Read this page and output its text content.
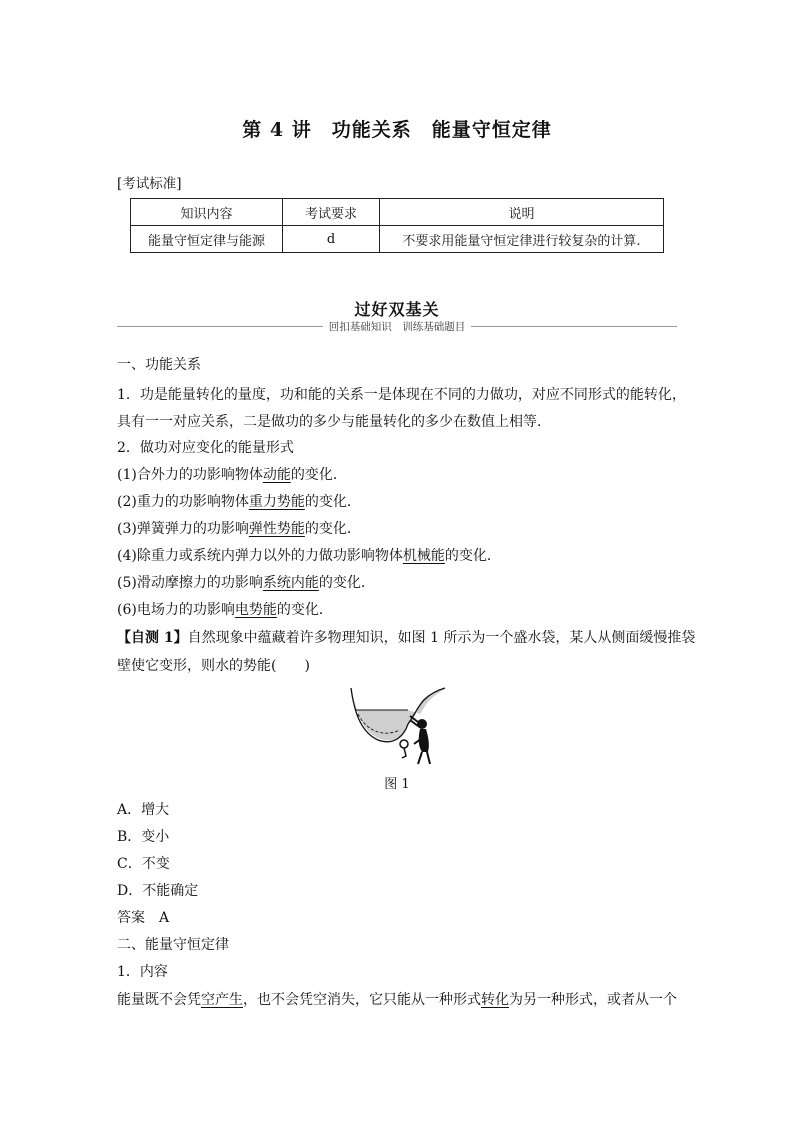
第 4 讲　功能关系　能量守恒定律
[考试标准]
知识内容	考试要求	说明
能量守恒定律与能源	d	不要求用能量守恒定律进行较复杂的计算.
过好双基关
回扣基础知识　训练基础题目
一、功能关系
1．功是能量转化的量度，功和能的关系一是体现在不同的力做功，对应不同形式的能转化，
具有一一对应关系，二是做功的多少与能量转化的多少在数值上相等．
2．做功对应变化的能量形式
(1)合外力的功影响物体动能的变化．
(2)重力的功影响物体重力势能的变化．
(3)弹簧弹力的功影响弹性势能的变化．
(4)除重力或系统内弹力以外的力做功影响物体机械能的变化．
(5)滑动摩擦力的功影响系统内能的变化．
(6)电场力的功影响电势能的变化．
【自测 1】自然现象中蕴藏着许多物理知识，如图 1 所示为一个盛水袋，某人从侧面缓慢推袋
壁使它变形，则水的势能(　　)
图 1
A．增大
B．变小
C．不变
D．不能确定
答案　A
二、能量守恒定律
1．内容
能量既不会凭空产生，也不会凭空消失，它只能从一种形式转化为另一种形式，或者从一个
